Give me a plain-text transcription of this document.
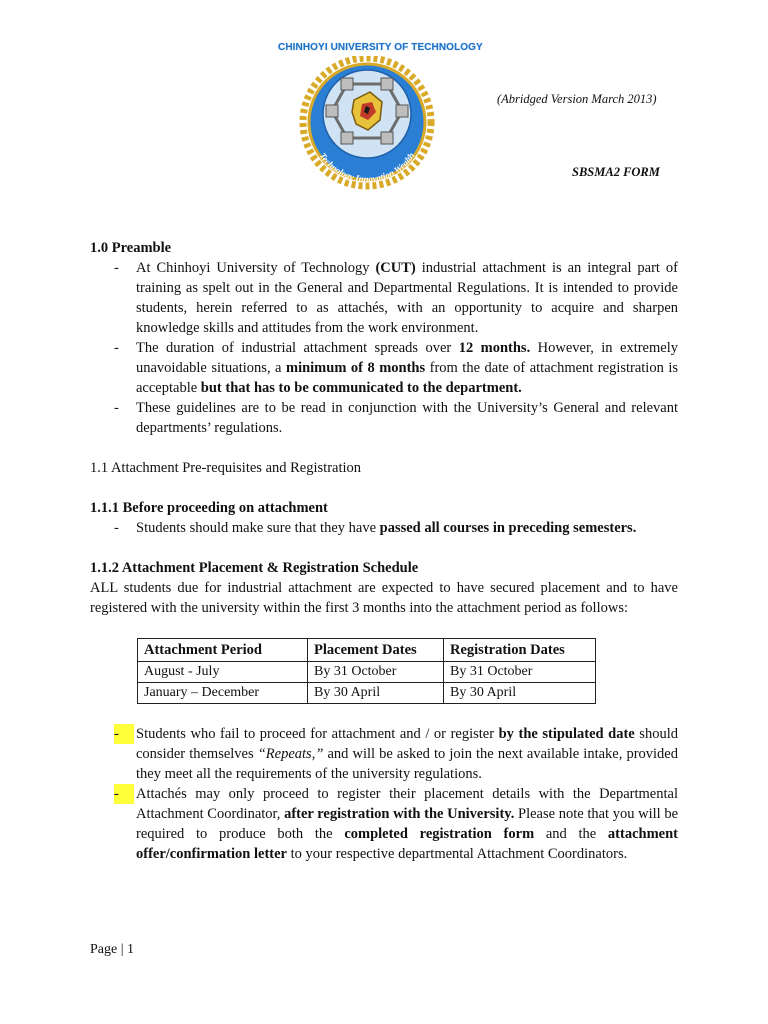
CHINHOYI UNIVERSITY OF TECHNOLOGY
Technology Innovation Wealth
(Abridged Version March 2013)
SBSMA2 FORM

1.0 Preamble

-	At Chinhoyi University of Technology (CUT) industrial attachment is an integral part of training as spelt out in the General and Departmental Regulations. It is intended to provide students, herein referred to as attachés, with an opportunity to acquire and sharpen knowledge skills and attitudes from the work environment.
-	The duration of industrial attachment spreads over 12 months. However, in extremely unavoidable situations, a minimum of 8 months from the date of attachment registration is acceptable but that has to be communicated to the department.
-	These guidelines are to be read in conjunction with the University’s General and relevant departments’ regulations.

1.1 Attachment Pre-requisites and Registration

1.1.1 Before proceeding on attachment

-	Students should make sure that they have passed all courses in preceding semesters.

1.1.2 Attachment Placement & Registration Schedule

ALL students due for industrial attachment are expected to have secured placement and to have registered with the university within the first 3 months into the attachment period as follows:

Attachment Period	Placement Dates	Registration Dates
August - July	By 31 October	By 31 October
January – December	By 30 April	By 30 April
-	Students who fail to proceed for attachment and / or register by the stipulated date should consider themselves “Repeats,” and will be asked to join the next available intake, provided they meet all the requirements of the university regulations.
-	Attachés may only proceed to register their placement details with the Departmental Attachment Coordinator, after registration with the University. Please note that you will be required to produce both the completed registration form and the attachment offer/confirmation letter to your respective departmental Attachment Coordinators.
Page | 1
